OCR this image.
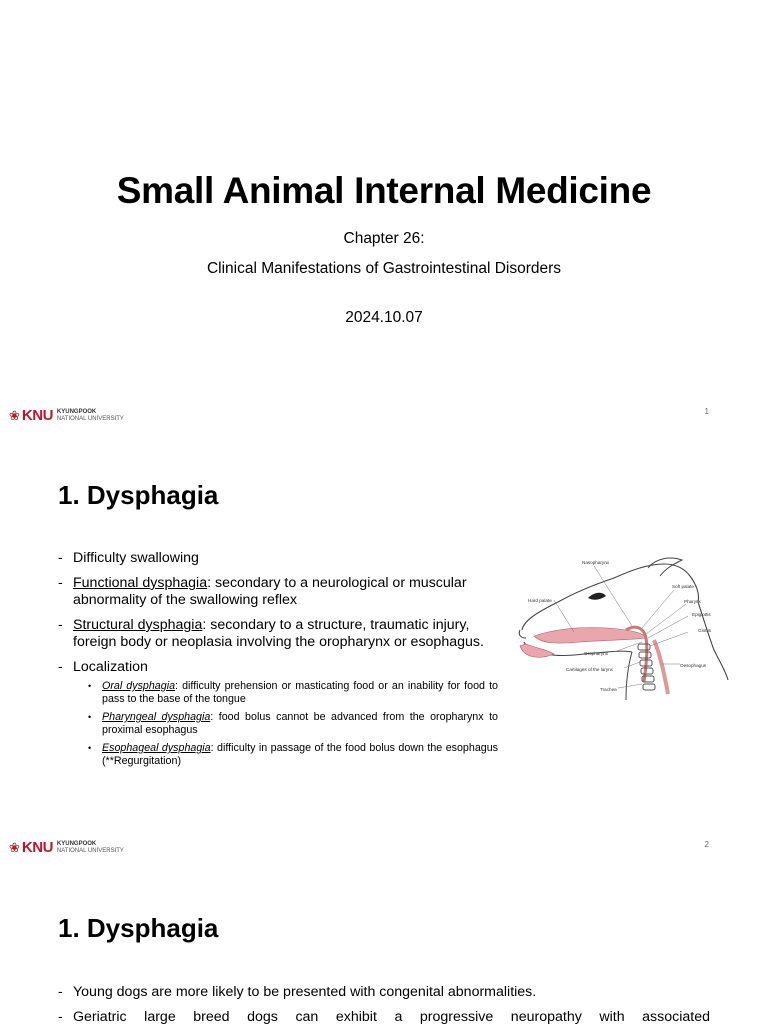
Small Animal Internal Medicine
Chapter 26:
Clinical Manifestations of Gastrointestinal Disorders
2024.10.07
❀ KNU KYUNGPOOK
NATIONAL UNIVERSITY
1
1. Dysphagia
- Difficulty swallowing
- Functional dysphagia: secondary to a neurological or muscular abnormality of the swallowing reflex
- Structural dysphagia: secondary to a structure, traumatic injury, foreign body or neoplasia involving the oropharynx or esophagus.
- Localization
• Oral dysphagia: difficulty prehension or masticating food or an inability for food to pass to the base of the tongue
• Pharyngeal dysphagia: food bolus cannot be advanced from the oropharynx to proximal esophagus
• Esophageal dysphagia: difficulty in passage of the food bolus down the esophagus (**Regurgitation)
Nasopharynx
Hard palate
Soft palate
Pharynx
Epiglottis
Glottis
Oropharynx
Oesophagus
Cartilages of the larynx
Trachea
❀ KNU KYUNGPOOK
NATIONAL UNIVERSITY
2
1. Dysphagia
- Young dogs are more likely to be presented with congenital abnormalities.
- Geriatric large breed dogs can exhibit a progressive neuropathy with associated
